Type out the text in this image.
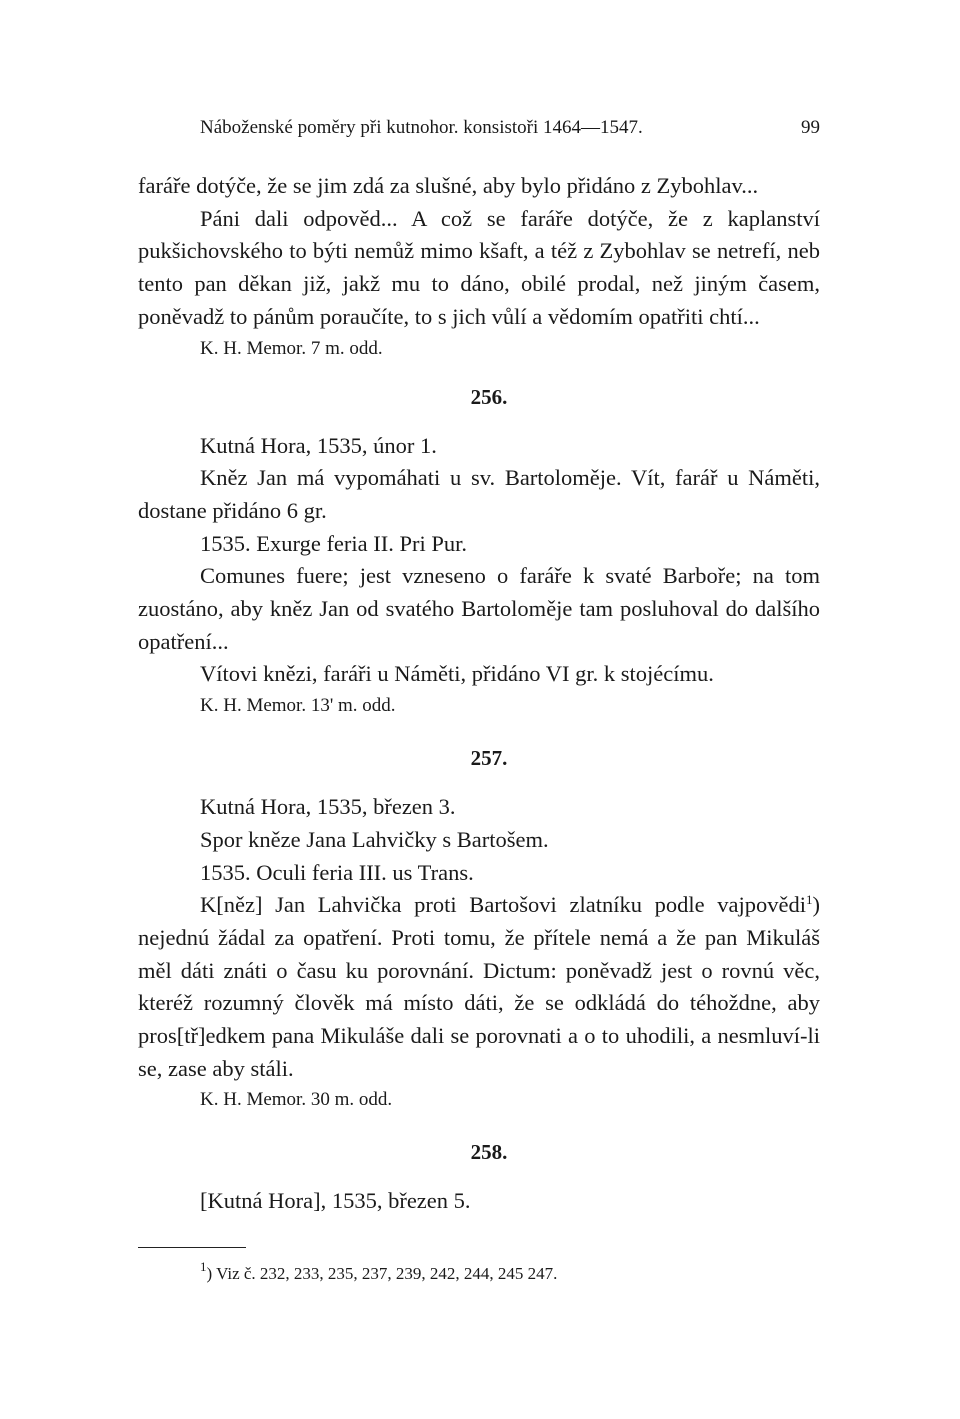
Náboženské poměry při kutnohor. konsistoři 1464—1547.	99

faráře dotýče, že se jim zdá za slušné, aby bylo přidáno z Zybohlav...

Páni dali odpověd... A což se faráře dotýče, že z kaplanství pukšichovského to býti nemůž mimo kšaft, a též z Zybohlav se netrefí, neb tento pan děkan již, jakž mu to dáno, obilé prodal, než jiným časem, poněvadž to pánům poraučíte, to s jich vůlí a vědomím opatřiti chtí...

K. H. Memor. 7 m. odd.
256.
Kutná Hora, 1535, únor 1.

Kněz Jan má vypomáhati u sv. Bartoloměje. Vít, farář u Náměti, dostane přidáno 6 gr.

1535. Exurge feria II. Pri Pur.

Comunes fuere; jest vzneseno o faráře k svaté Barboře; na tom zuostáno, aby kněz Jan od svatého Bartoloměje tam posluhoval do dalšího opatření...

Vítovi knězi, faráři u Náměti, přidáno VI gr. k stojécímu.

K. H. Memor. 13' m. odd.
257.
Kutná Hora, 1535, březen 3.
Spor kněze Jana Lahvičky s Bartošem.
1535. Oculi feria III. us Trans.

K[něz] Jan Lahvička proti Bartošovi zlatníku podle vajpovědi$^1$) nejednú žádal za opatření. Proti tomu, že přítele nemá a že pan Mikuláš měl dáti znáti o času ku porovnání. Dictum: poněvadž jest o rovnú věc, kteréž rozumný člověk má místo dáti, že se odkládá do téhoždne, aby pros[tř]edkem pana Mikuláše dali se porovnati a o to uhodili, a nesmluví-li se, zase aby stáli.

K. H. Memor. 30 m. odd.
258.
[Kutná Hora], 1535, březen 5.
$^1$) Viz č. 232, 233, 235, 237, 239, 242, 244, 245 247.
